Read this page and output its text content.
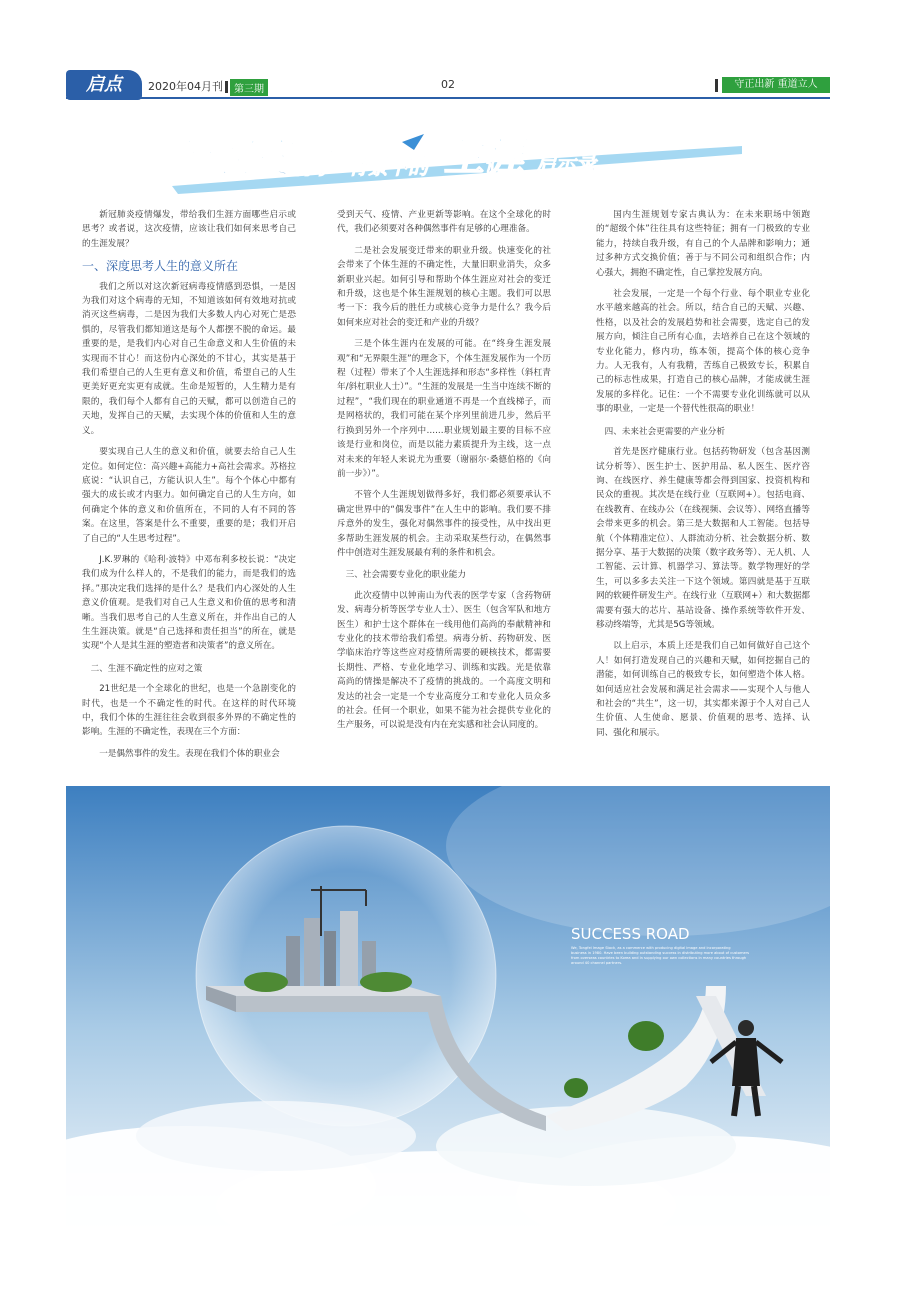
启点	2020年04月刊 第三期	02	守正出新 重道立人
新冠疫情 背景下的 生涯 启示录

新冠肺炎疫情爆发，带给我们生涯方面哪些启示或思考？或者说，这次疫情，应该让我们如何来思考自己的生涯发展？

一、深度思考人生的意义所在

我们之所以对这次新冠病毒疫情感到恐惧，一是因为我们对这个病毒的无知，不知道该如何有效地对抗或消灭这些病毒，二是因为我们大多数人内心对死亡是恐惧的，尽管我们都知道这是每个人都摆不脱的命运。最重要的是，是我们内心对自己生命意义和人生价值的未实现而不甘心！而这份内心深处的不甘心，其实是基于我们希望自己的人生更有意义和价值，希望自己的人生更美好更充实更有成就。生命是短暂的，人生精力是有限的，我们每个人都有自己的天赋，都可以创造自己的天地，发挥自己的天赋，去实现个体的价值和人生的意义。

要实现自己人生的意义和价值，就要去给自己人生定位。如何定位：高兴趣+高能力+高社会需求。苏格拉底说：“认识自己，方能认识人生”。每个个体心中都有强大的成长或才内驱力。如何确定自己的人生方向，如何确定个体的意义和价值所在，不同的人有不同的答案。在这里，答案是什么不重要，重要的是；我们开启了自己的“人生思考过程”。

J.K.罗琳的《哈利·波特》中邓布利多校长说：“决定我们成为什么样人的，不是我们的能力，而是我们的选择。”那决定我们选择的是什么？是我们内心深处的人生意义价值观。是我们对自己人生意义和价值的思考和清晰。当我们思考自己的人生意义所在，并作出自己的人生生涯决策。就是“自己选择和责任担当”的所在，就是实现“个人是其生涯的塑造者和决策者”的意义所在。

二、生涯不确定性的应对之策

21世纪是一个全球化的世纪，也是一个急剧变化的时代，也是一个不确定性的时代。在这样的时代环境中，我们个体的生涯往往会收到很多外界的不确定性的影响。生涯的不确定性，表现在三个方面：

一是偶然事件的发生。表现在我们个体的职业会

受到天气、疫情、产业更新等影响。在这个全球化的时代，我们必须要对各种偶然事件有足够的心理准备。

二是社会发展变迁带来的职业升级。快速变化的社会带来了个体生涯的不确定性，大量旧职业消失，众多新职业兴起。如何引导和帮助个体生涯应对社会的变迁和升级，这也是个体生涯规划的核心主题。我们可以思考一下：我今后的胜任力或核心竞争力是什么？我今后如何来应对社会的变迁和产业的升级？

三是个体生涯内在发展的可能。在“终身生涯发展观”和“无界限生涯”的理念下，个体生涯发展作为一个历程（过程）带来了个人生涯选择和形态“多样性（斜杠青年/斜杠职业人士）”。“生涯的发展是一生当中连续不断的过程”，“我们现在的职业通道不再是一个直线梯子，而是网格状的，我们可能在某个序列里前进几步，然后平行换到另外一个序列中……职业规划最主要的目标不应该是行业和岗位，而是以能力素质提升为主线，这一点对未来的年轻人来说尤为重要（谢丽尔·桑德伯格的《向前一步》）”。

不管个人生涯规划做得多好，我们都必须要承认不确定世界中的“偶发事件”在人生中的影响。我们要不排斥意外的发生，强化对偶然事件的接受性，从中找出更多帮助生涯发展的机会。主动采取某些行动，在偶然事件中创造对生涯发展最有利的条件和机会。

三、社会需要专业化的职业能力

此次疫情中以钟南山为代表的医学专家（含药物研发、病毒分析等医学专业人士）、医生（包含军队和地方医生）和护士这个群体在一线用他们高尚的奉献精神和专业化的技术带给我们希望。病毒分析、药物研发、医学临床治疗等这些应对疫情所需要的硬核技术，都需要长期性、严格、专业化地学习、训练和实践。光是依靠高尚的情操是解决不了疫情的挑战的。一个高度文明和发达的社会一定是一个专业高度分工和专业化人员众多的社会。任何一个职业，如果不能为社会提供专业化的生产服务，可以说是没有内在充实感和社会认同度的。

国内生涯规划专家古典认为：在未来职场中领跑的“超级个体”往往具有这些特征；拥有一门极致的专业能力，持续自我升级，有自己的个人品牌和影响力；通过多种方式交换价值；善于与不同公司和组织合作；内心强大，拥抱不确定性，自己掌控发展方向。

社会发展，一定是一个每个行业、每个职业专业化水平越来越高的社会。所以，结合自己的天赋、兴趣、性格，以及社会的发展趋势和社会需要，选定自己的发展方向，倾注自己所有心血，去培养自己在这个领域的专业化能力，修内功，练本领，提高个体的核心竞争力。人无我有，人有我精，苦练自己极致专长，积累自己的标志性成果，打造自己的核心品牌，才能成就生涯发展的多样化。记住：一个不需要专业化训练就可以从事的职业，一定是一个替代性很高的职业！

四、未来社会更需要的产业分析

首先是医疗健康行业。包括药物研发（包含基因测试分析等）、医生护士、医护用品、私人医生、医疗咨询、在线医疗、养生健康等都会得到国家、投资机构和民众的重视。其次是在线行业（互联网+）。包括电商、在线教育、在线办公（在线视频、会议等）、网络直播等会带来更多的机会。第三是大数据和人工智能。包括导航（个体精准定位）、人群流动分析、社会数据分析、数据分享、基于大数据的决策（数字政务等）、无人机、人工智能、云计算、机器学习、算法等。数学物理好的学生，可以多多去关注一下这个领域。第四就是基于互联网的软硬件研发生产。在线行业（互联网+）和大数据都需要有强大的芯片、基站设备、操作系统等软件开发、移动终端等，尤其是5G等领域。

以上启示，本质上还是我们自己如何做好自己这个人！如何打造发现自己的兴趣和天赋，如何挖掘自己的潜能，如何训练自己的极致专长，如何塑造个体人格。如何适应社会发展和满足社会需求——实现个人与他人和社会的“共生”，这一切，其实都来源于个人对自己人生价值、人生使命、愿景、价值观的思考、选择、认同、强化和展示。

SUCCESS ROAD
We, Tongfei Image Stock, as a commerce with producing digital image and incorporating
business in 1980. Have been building outstanding success in distributing more about of customers
from overseas countries to Korea and in supplying our own collections in many countries through
around 40 channel partners.
